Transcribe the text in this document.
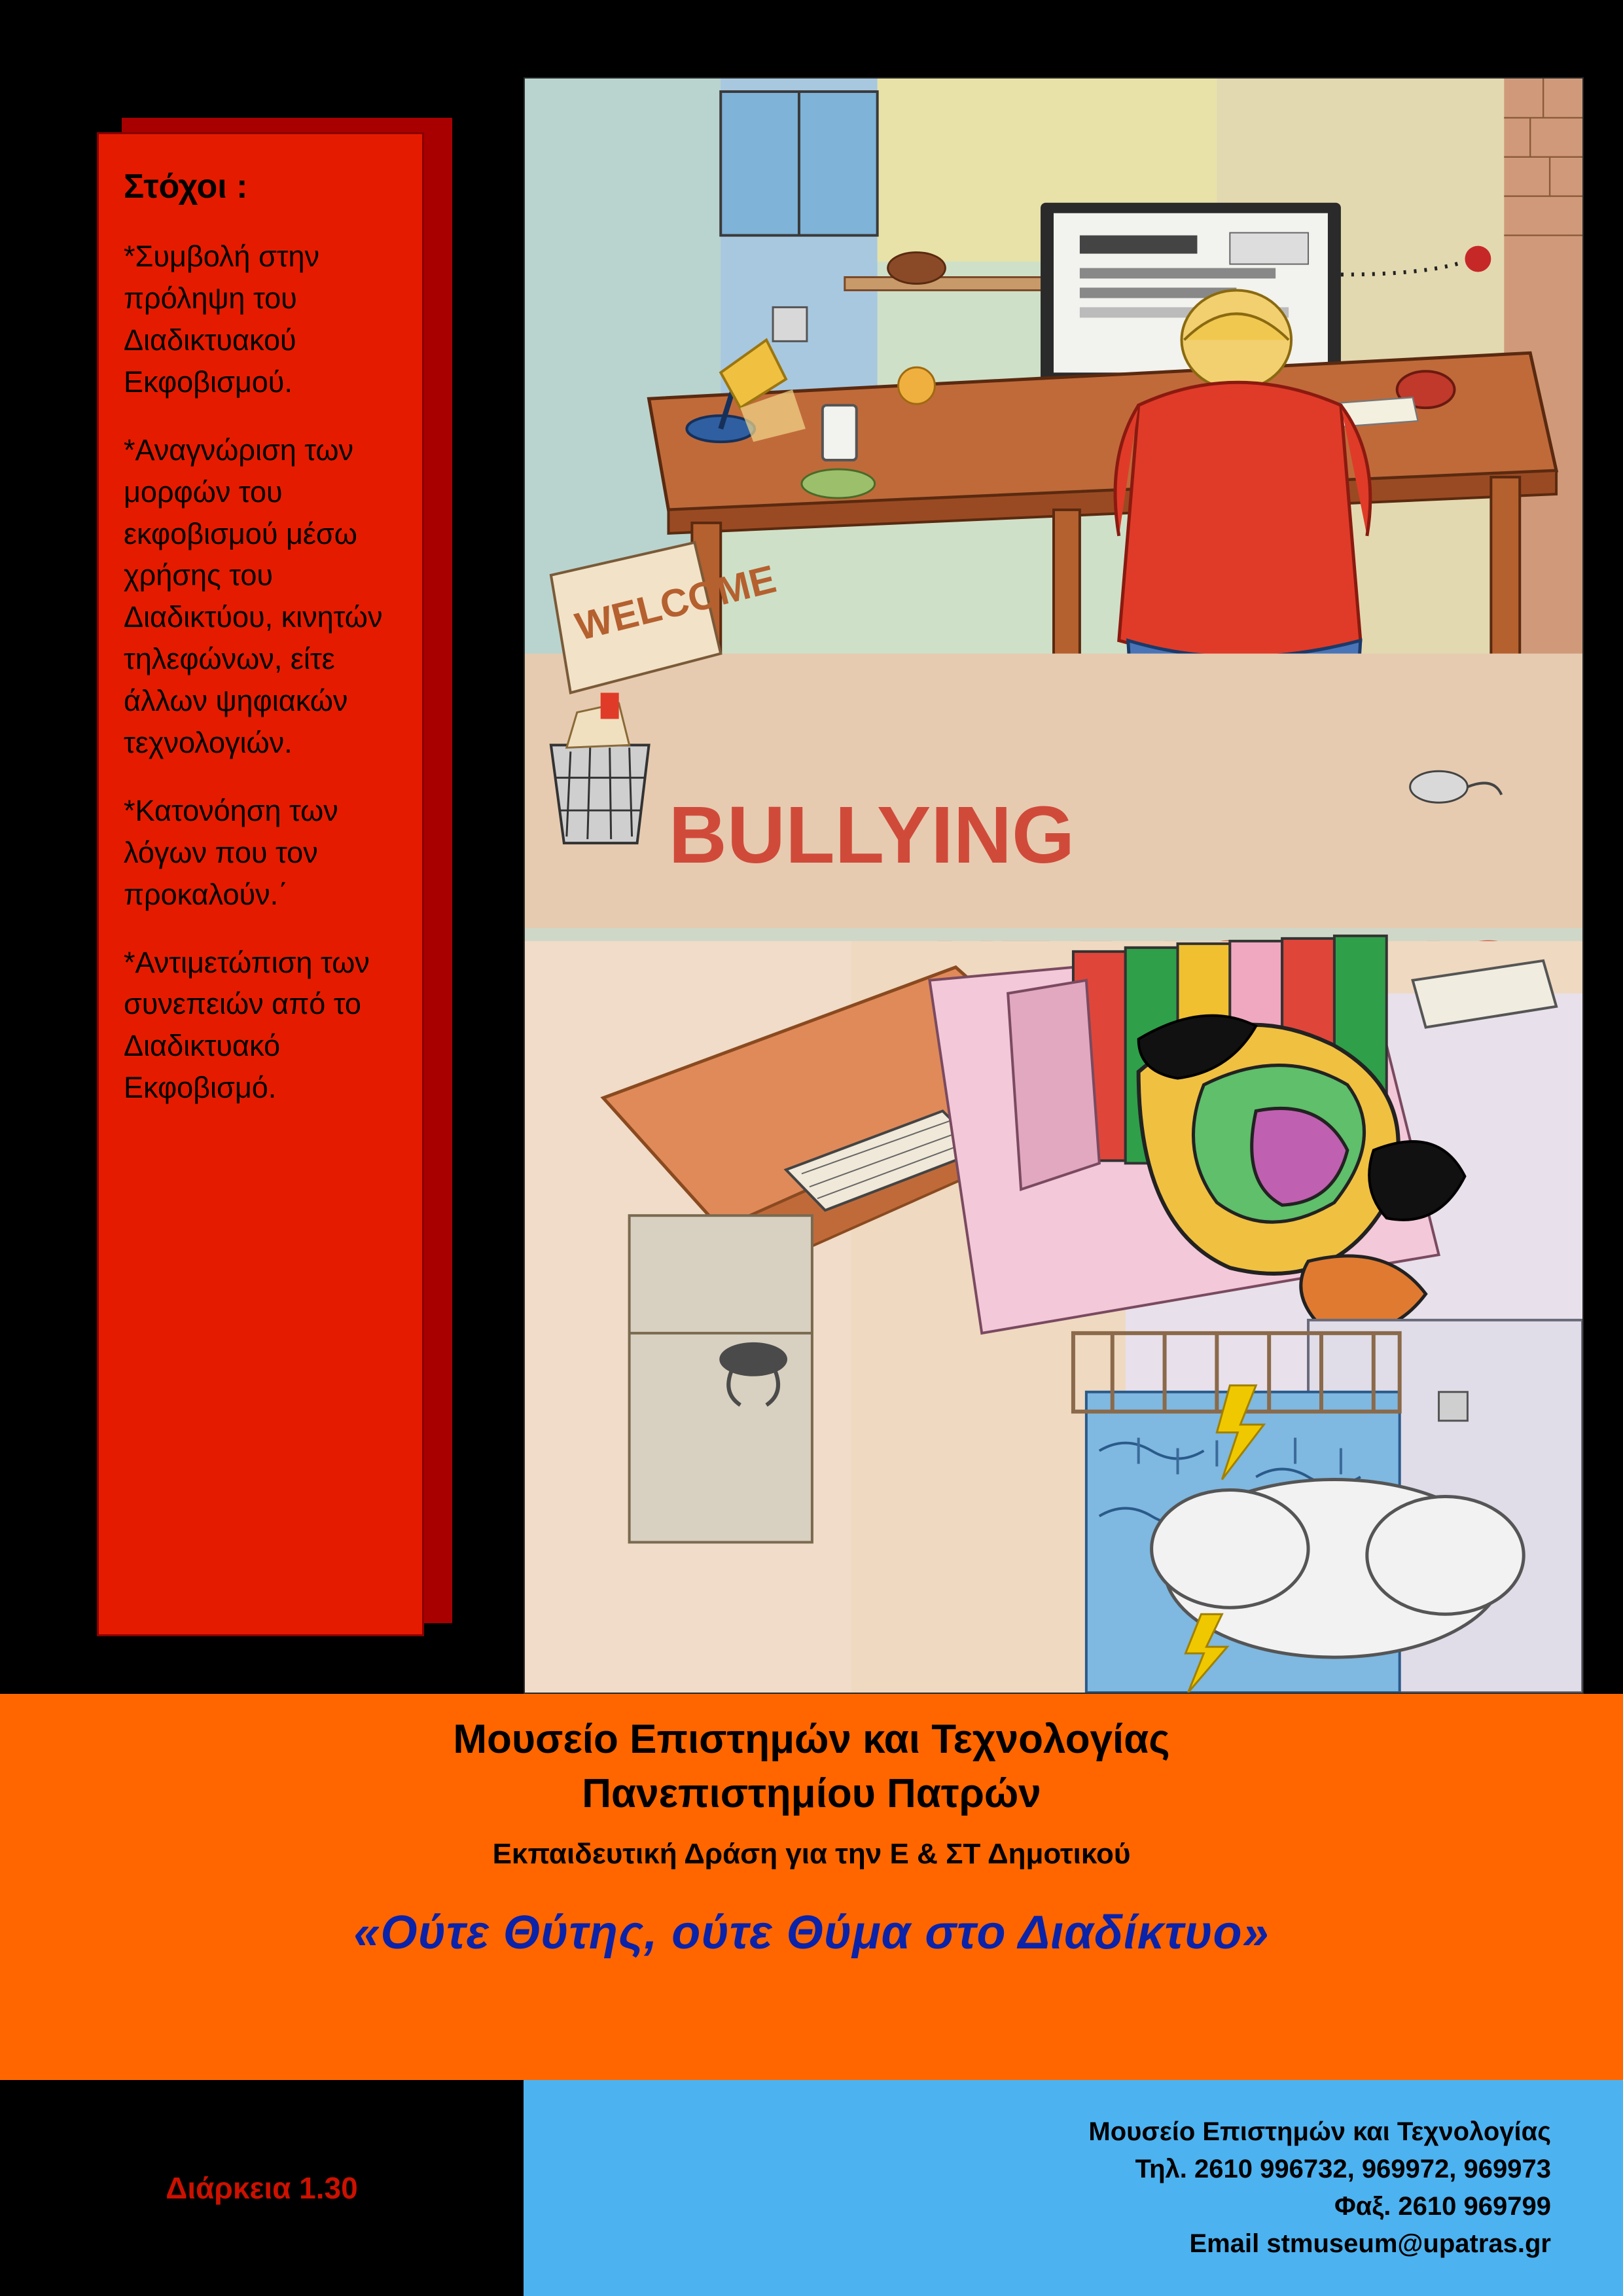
Στόχοι :

*Συμβολή στην πρόληψη του Διαδικτυακού Εκφοβισμού.

*Αναγνώριση των μορφών του εκφοβισμού μέσω χρήσης του Διαδικτύου, κινητών τηλεφώνων, είτε άλλων ψηφιακών τεχνολογιών.

*Κατονόηση των λόγων που τον προκαλούν.΄

*Αντιμετώπιση των συνεπειών από το Διαδικτυακό Εκφοβισμό.

WELCOME
BULLYING
Μουσείο Επιστημών και Τεχνολογίας
Πανεπιστημίου Πατρών
Εκπαιδευτική Δράση για την Ε & ΣΤ Δημοτικού
«Ούτε Θύτης, ούτε Θύμα στο Διαδίκτυο»
Διάρκεια 1.30
Μουσείο Επιστημών και Τεχνολογίας
Τηλ. 2610 996732, 969972, 969973
Φαξ. 2610 969799
Email stmuseum@upatras.gr
